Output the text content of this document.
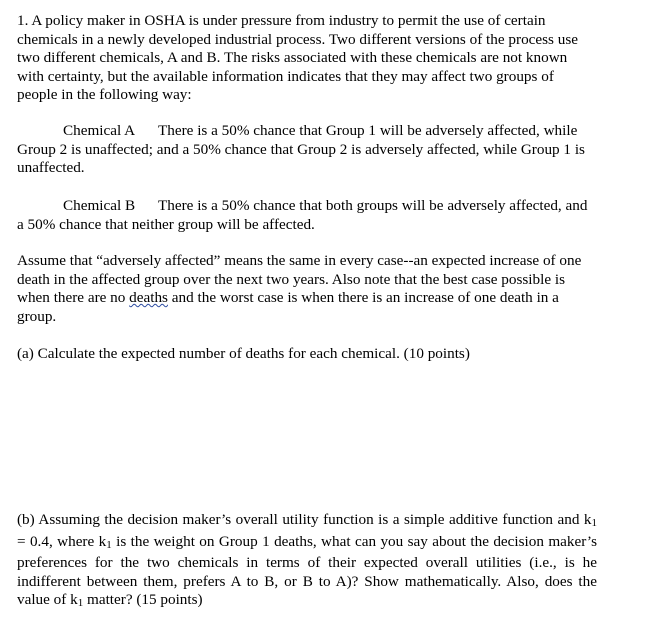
1. A policy maker in OSHA is under pressure from industry to permit the use of certain chemicals in a newly developed industrial process. Two different versions of the process use two different chemicals, A and B. The risks associated with these chemicals are not known with certainty, but the available information indicates that they may affect two groups of people in the following way:

Chemical A There is a 50% chance that Group 1 will be adversely affected, while Group 2 is unaffected; and a 50% chance that Group 2 is adversely affected, while Group 1 is unaffected.

Chemical B There is a 50% chance that both groups will be adversely affected, and a 50% chance that neither group will be affected.

Assume that “adversely affected” means the same in every case--an expected increase of one death in the affected group over the next two years. Also note that the best case possible is when there are no deaths and the worst case is when there is an increase of one death in a group.

(a) Calculate the expected number of deaths for each chemical. (10 points)

(b) Assuming the decision maker’s overall utility function is a simple additive function and k1 = 0.4, where k1 is the weight on Group 1 deaths, what can you say about the decision maker’s preferences for the two chemicals in terms of their expected overall utilities (i.e., is he indifferent between them, prefers A to B, or B to A)? Show mathematically. Also, does the value of k1 matter? (15 points)
